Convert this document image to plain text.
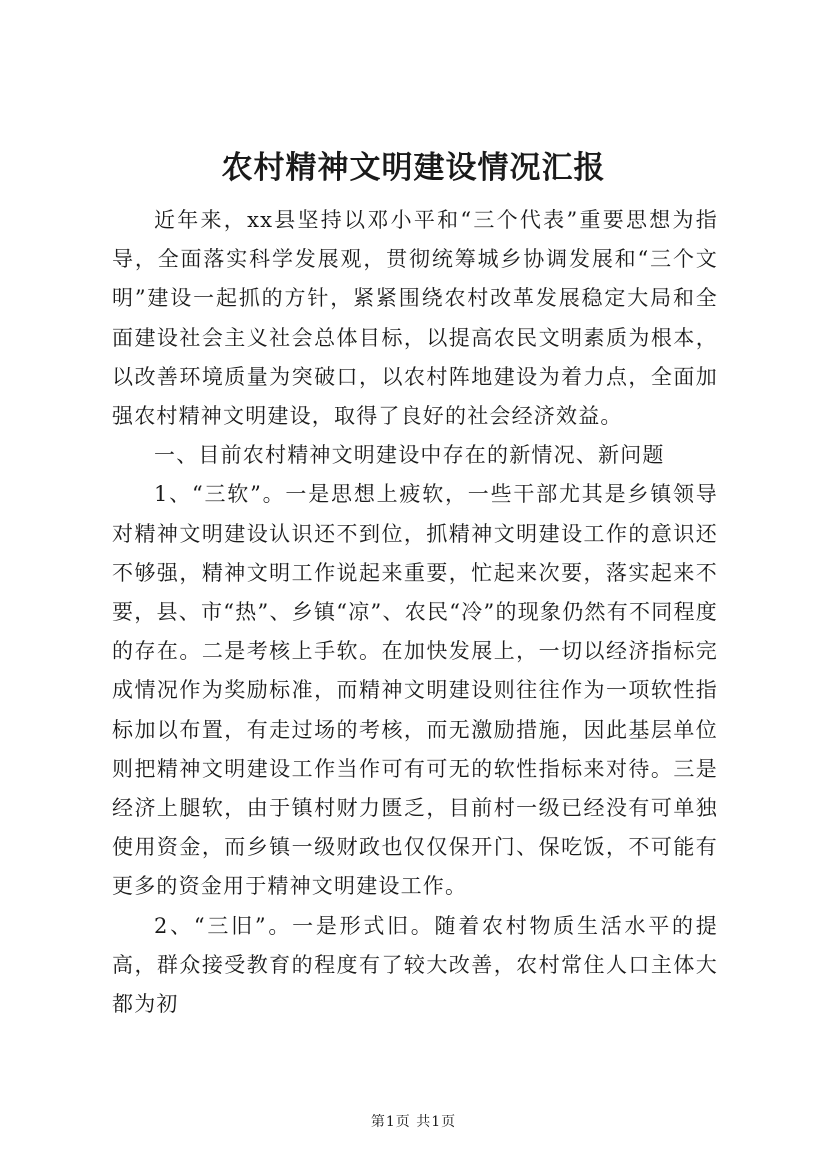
农村精神文明建设情况汇报

近年来，xx县坚持以邓小平和“三个代表”重要思想为指导，全面落实科学发展观，贯彻统筹城乡协调发展和“三个文明”建设一起抓的方针，紧紧围绕农村改革发展稳定大局和全面建设社会主义社会总体目标，以提高农民文明素质为根本，以改善环境质量为突破口，以农村阵地建设为着力点，全面加强农村精神文明建设，取得了良好的社会经济效益。

一、目前农村精神文明建设中存在的新情况、新问题

1、“三软”。一是思想上疲软，一些干部尤其是乡镇领导对精神文明建设认识还不到位，抓精神文明建设工作的意识还不够强，精神文明工作说起来重要，忙起来次要，落实起来不要，县、市“热”、乡镇“凉”、农民“冷”的现象仍然有不同程度的存在。二是考核上手软。在加快发展上，一切以经济指标完成情况作为奖励标准，而精神文明建设则往往作为一项软性指标加以布置，有走过场的考核，而无激励措施，因此基层单位则把精神文明建设工作当作可有可无的软性指标来对待。三是经济上腿软，由于镇村财力匮乏，目前村一级已经没有可单独使用资金，而乡镇一级财政也仅仅保开门、保吃饭，不可能有更多的资金用于精神文明建设工作。

2、“三旧”。一是形式旧。随着农村物质生活水平的提高，群众接受教育的程度有了较大改善，农村常住人口主体大都为初

第1页 共1页
